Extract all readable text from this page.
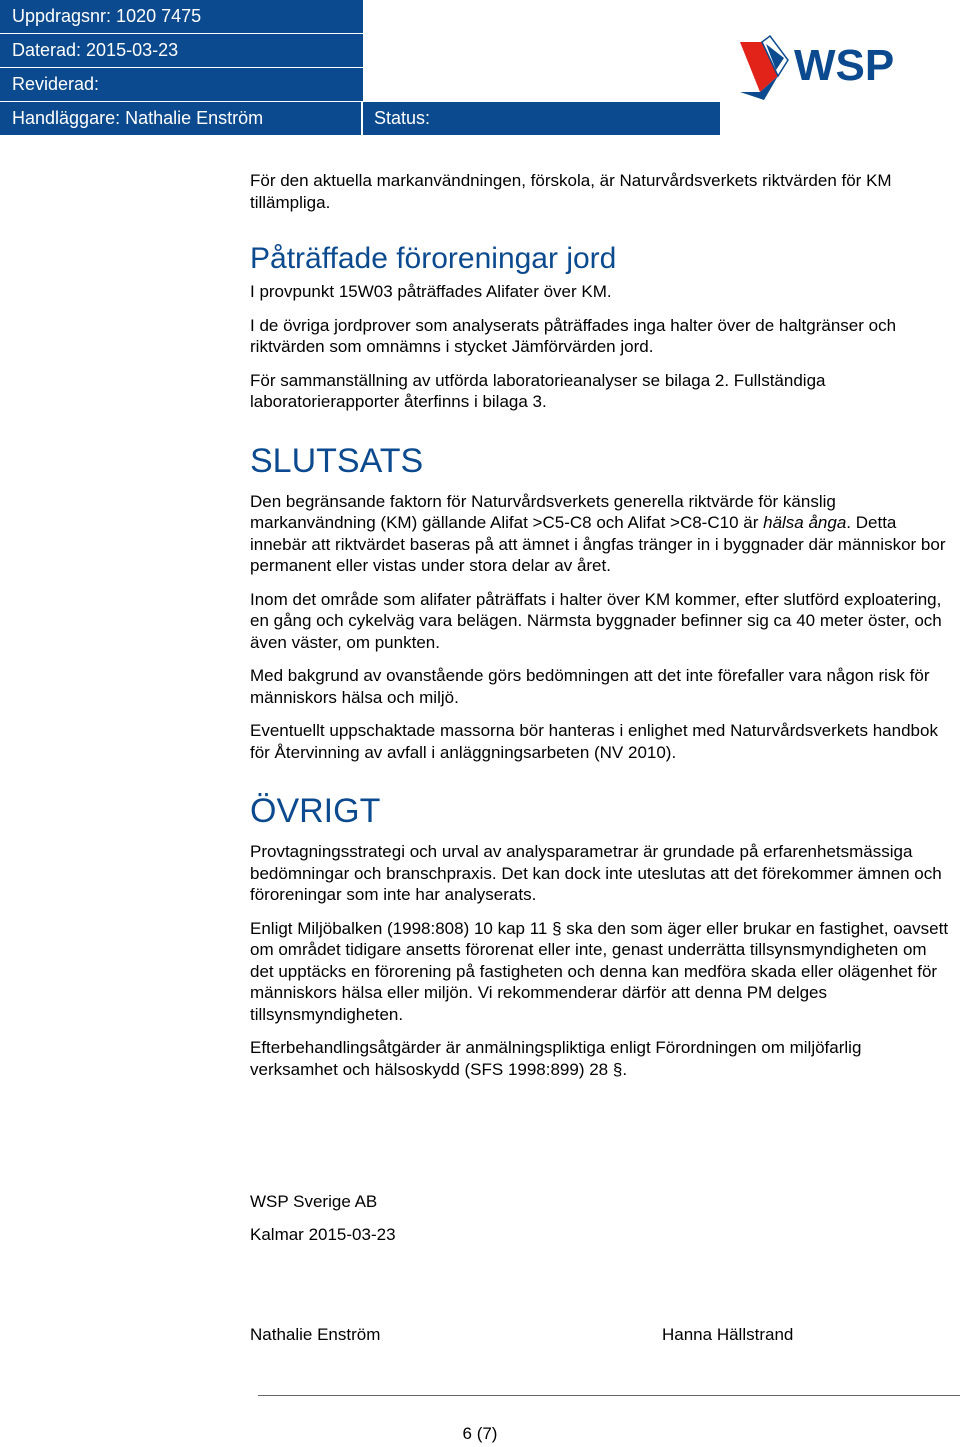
Uppdragsnr: 1020 7475
Daterad: 2015-03-23
Reviderad:
Handläggare: Nathalie Enström	Status:
WSP

För den aktuella markanvändningen, förskola, är Naturvårdsverkets riktvärden för KM tillämpliga.

Påträffade föroreningar jord

I provpunkt 15W03 påträffades Alifater över KM.

I de övriga jordprover som analyserats påträffades inga halter över de haltgränser och riktvärden som omnämns i stycket Jämförvärden jord.

För sammanställning av utförda laboratorieanalyser se bilaga 2. Fullständiga laboratorierapporter återfinns i bilaga 3.

SLUTSATS

Den begränsande faktorn för Naturvårdsverkets generella riktvärde för känslig markanvändning (KM) gällande Alifat >C5-C8 och Alifat >C8-C10 är hälsa ånga. Detta innebär att riktvärdet baseras på att ämnet i ångfas tränger in i byggnader där människor bor permanent eller vistas under stora delar av året.

Inom det område som alifater påträffats i halter över KM kommer, efter slutförd exploatering, en gång och cykelväg vara belägen. Närmsta byggnader befinner sig ca 40 meter öster, och även väster, om punkten.

Med bakgrund av ovanstående görs bedömningen att det inte förefaller vara någon risk för människors hälsa och miljö.

Eventuellt uppschaktade massorna bör hanteras i enlighet med Naturvårdsverkets handbok för Återvinning av avfall i anläggningsarbeten (NV 2010).

ÖVRIGT

Provtagningsstrategi och urval av analysparametrar är grundade på erfarenhetsmässiga bedömningar och branschpraxis. Det kan dock inte uteslutas att det förekommer ämnen och föroreningar som inte har analyserats.

Enligt Miljöbalken (1998:808) 10 kap 11 § ska den som äger eller brukar en fastighet, oavsett om området tidigare ansetts förorenat eller inte, genast underrätta tillsynsmyndigheten om det upptäcks en förorening på fastigheten och denna kan medföra skada eller olägenhet för människors hälsa eller miljön. Vi rekommenderar därför att denna PM delges tillsynsmyndigheten.

Efterbehandlingsåtgärder är anmälningspliktiga enligt Förordningen om miljöfarlig verksamhet och hälsoskydd (SFS 1998:899) 28 §.

WSP Sverige AB
Kalmar 2015-03-23
Nathalie Enström	Hanna Hällstrand
6 (7)
